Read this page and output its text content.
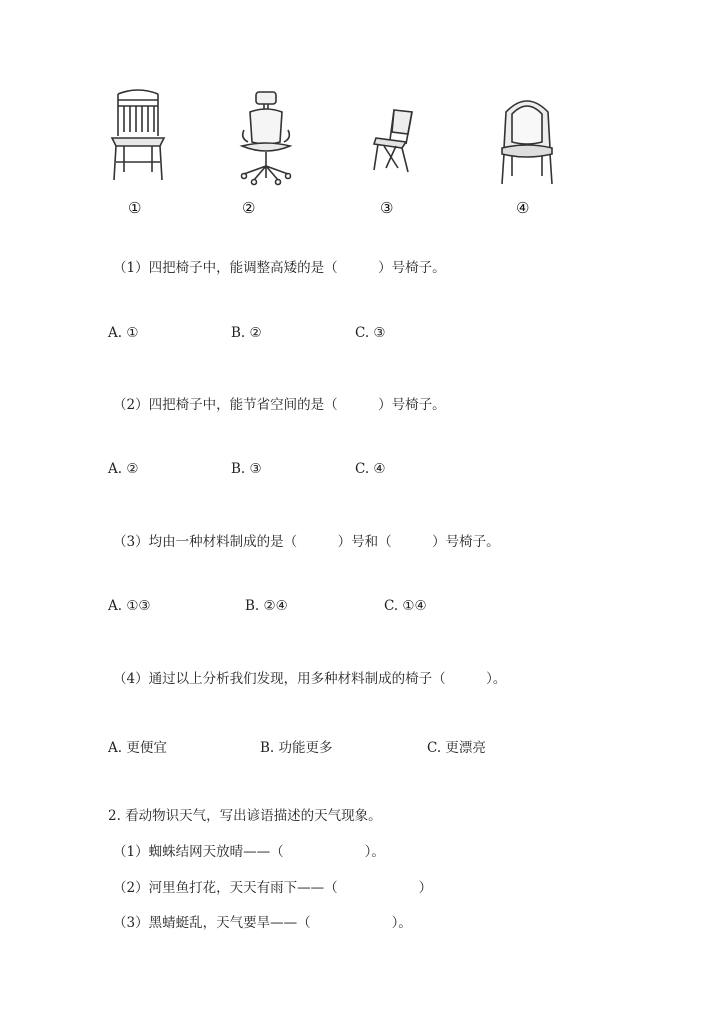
①	②	③	④
（1）四把椅子中，能调整高矮的是（　　　）号椅子。
A. ①	B. ②	C. ③
（2）四把椅子中，能节省空间的是（　　　）号椅子。
A. ②	B. ③	C. ④
（3）均由一种材料制成的是（　　　）号和（　　　）号椅子。
A. ①③	B. ②④	C. ①④
（4）通过以上分析我们发现，用多种材料制成的椅子（　　　）。
A. 更便宜	B. 功能更多	C. 更漂亮
2. 看动物识天气，写出谚语描述的天气现象。
（1）蜘蛛结网天放晴——（　　　　　　）。
（2）河里鱼打花，天天有雨下——（　　　　　　）
（3）黑蜻蜓乱，天气要旱——（　　　　　　）。
